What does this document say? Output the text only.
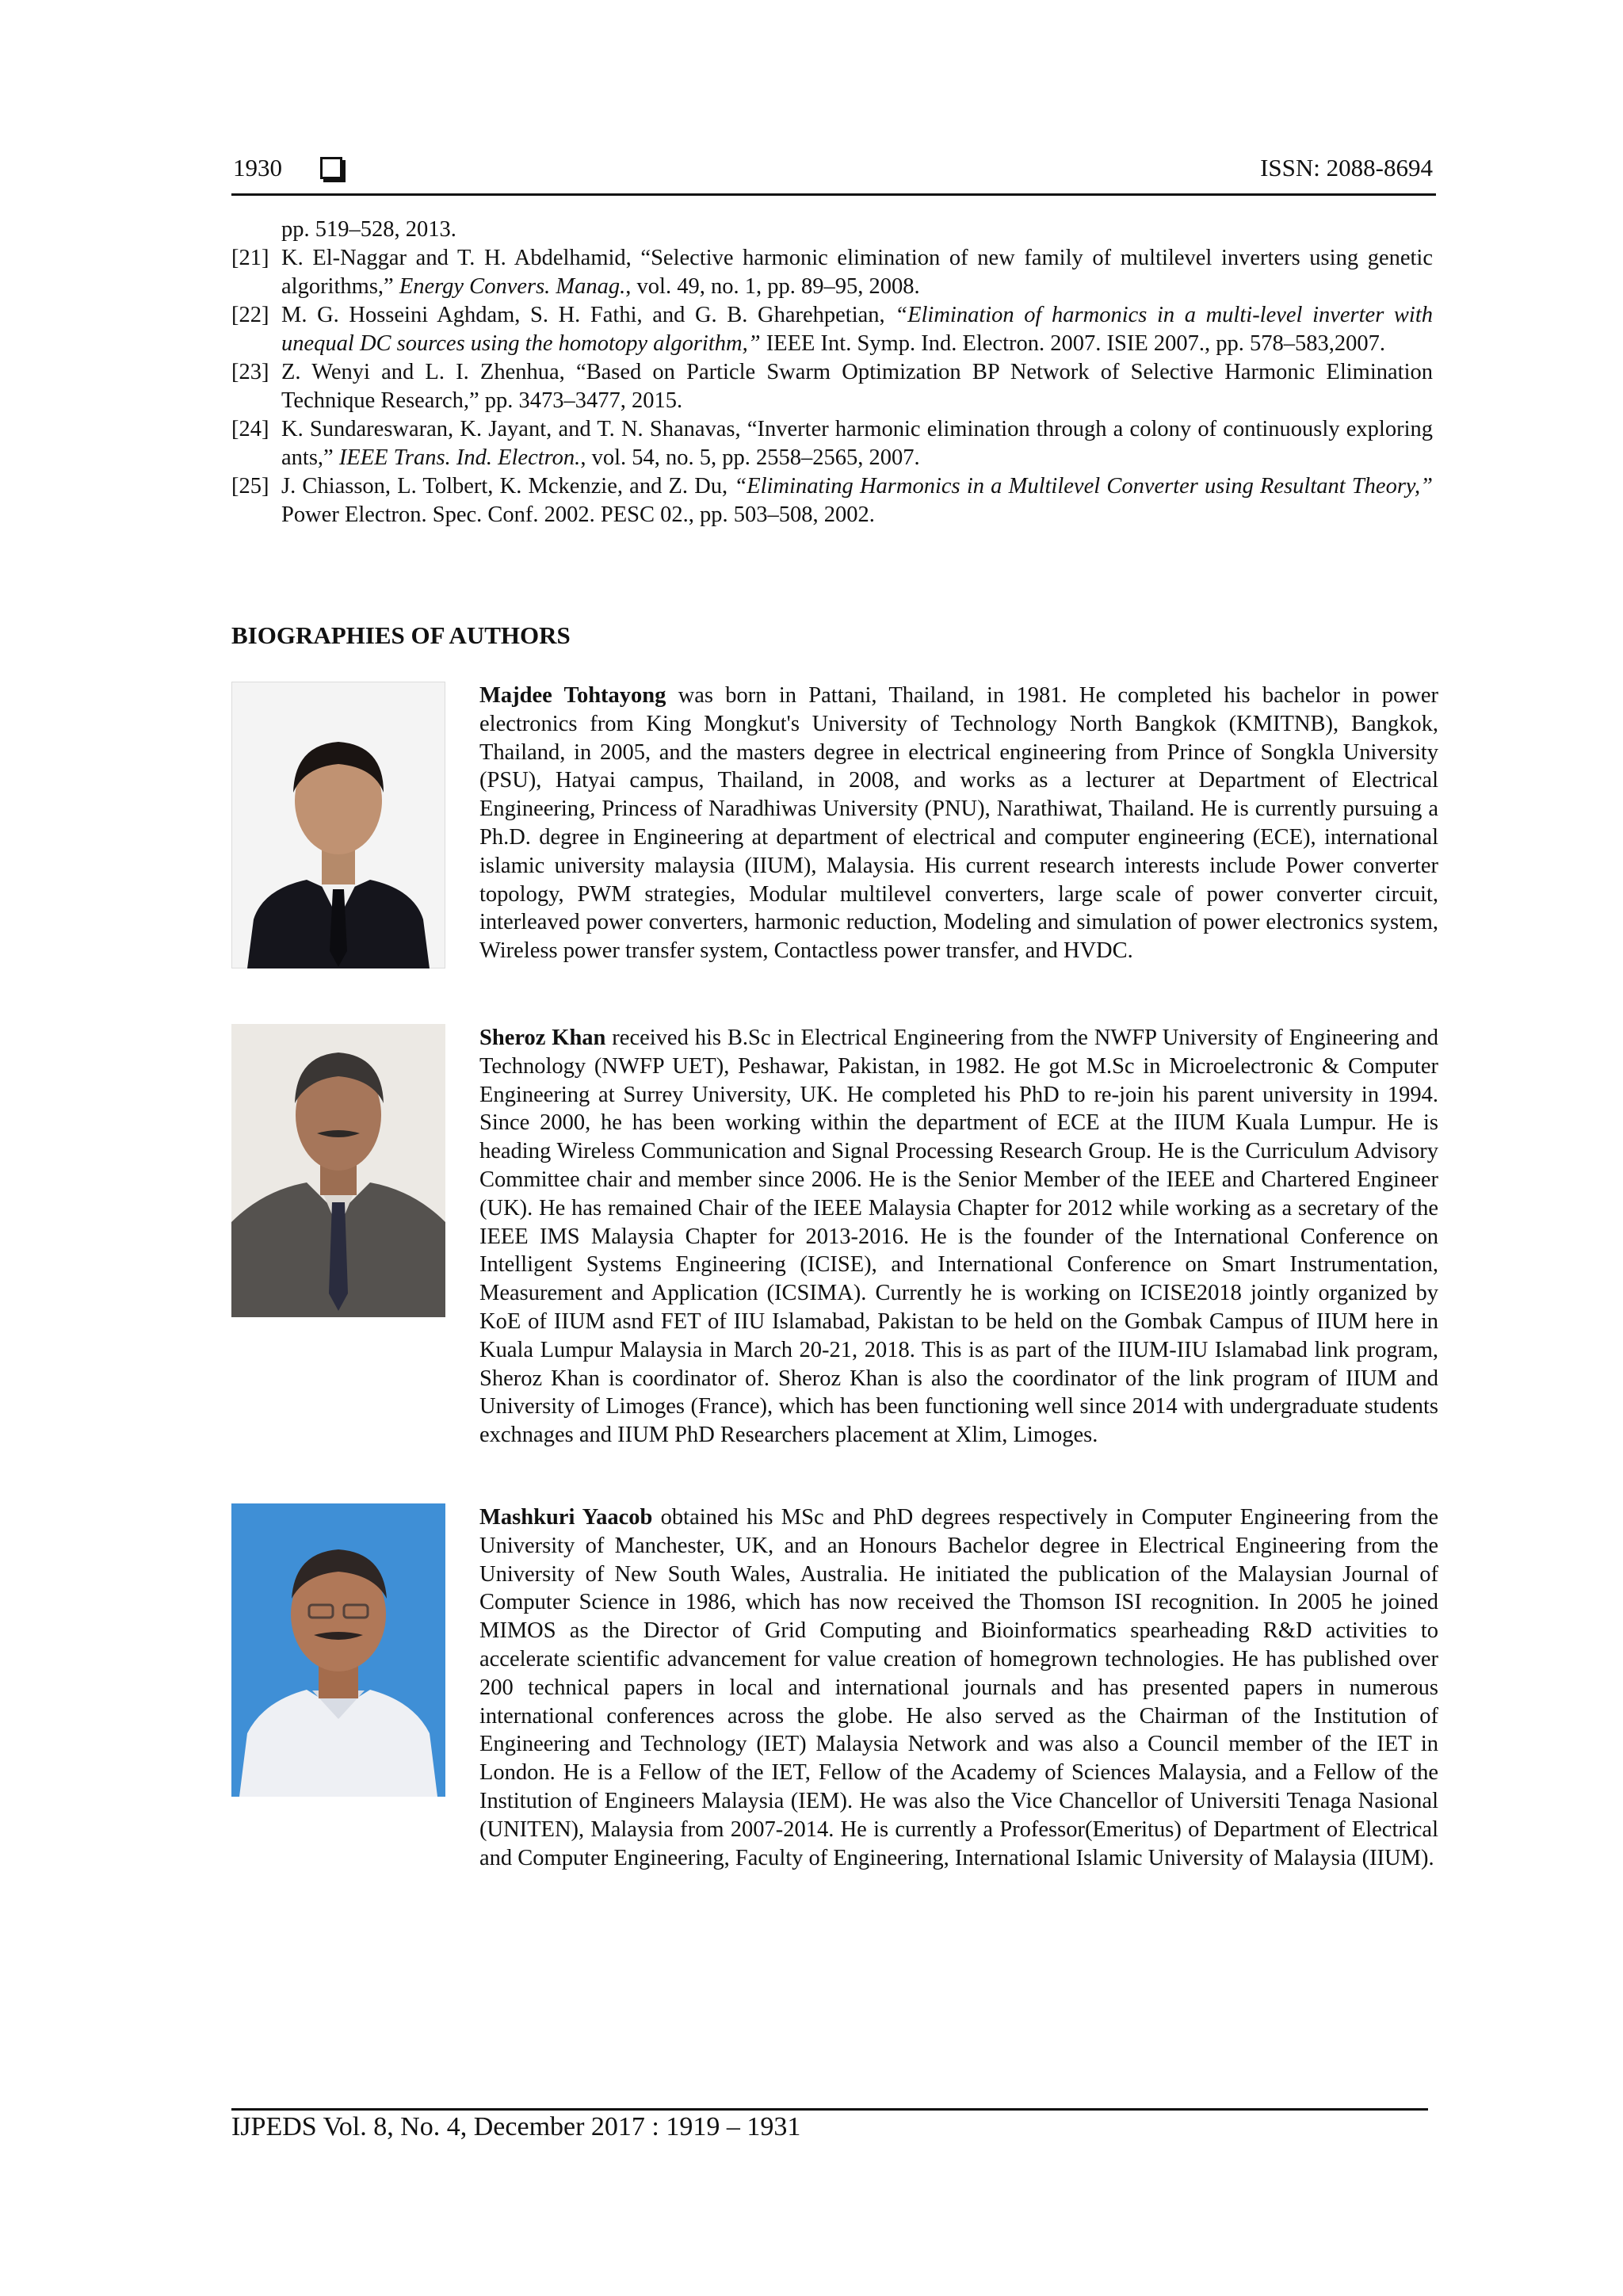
1930	ISSN: 2088-8694
pp. 519–528, 2013.
[21] K. El-Naggar and T. H. Abdelhamid, “Selective harmonic elimination of new family of multilevel inverters using genetic algorithms,” Energy Convers. Manag., vol. 49, no. 1, pp. 89–95, 2008.
[22] M. G. Hosseini Aghdam, S. H. Fathi, and G. B. Gharehpetian, “Elimination of harmonics in a multi-level inverter with unequal DC sources using the homotopy algorithm,” IEEE Int. Symp. Ind. Electron. 2007. ISIE 2007., pp. 578–583,2007.
[23] Z. Wenyi and L. I. Zhenhua, “Based on Particle Swarm Optimization BP Network of Selective Harmonic Elimination Technique Research,” pp. 3473–3477, 2015.
[24] K. Sundareswaran, K. Jayant, and T. N. Shanavas, “Inverter harmonic elimination through a colony of continuously exploring ants,” IEEE Trans. Ind. Electron., vol. 54, no. 5, pp. 2558–2565, 2007.
[25] J. Chiasson, L. Tolbert, K. Mckenzie, and Z. Du, “Eliminating Harmonics in a Multilevel Converter using Resultant Theory,” Power Electron. Spec. Conf. 2002. PESC 02., pp. 503–508, 2002.
BIOGRAPHIES OF AUTHORS
Majdee Tohtayong was born in Pattani, Thailand, in 1981. He completed his bachelor in power electronics from King Mongkut's University of Technology North Bangkok (KMITNB), Bangkok, Thailand, in 2005, and the masters degree in electrical engineering from Prince of Songkla University (PSU), Hatyai campus, Thailand, in 2008, and works as a lecturer at Department of Electrical Engineering, Princess of Naradhiwas University (PNU), Narathiwat, Thailand. He is currently pursuing a Ph.D. degree in Engineering at department of electrical and computer engineering (ECE), international islamic university malaysia (IIUM), Malaysia. His current research interests include Power converter topology, PWM strategies, Modular multilevel converters, large scale of power converter circuit, interleaved power converters, harmonic reduction, Modeling and simulation of power electronics system, Wireless power transfer system, Contactless power transfer, and HVDC.
Sheroz Khan received his B.Sc in Electrical Engineering from the NWFP University of Engineering and Technology (NWFP UET), Peshawar, Pakistan, in 1982. He got M.Sc in Microelectronic & Computer Engineering at Surrey University, UK. He completed his PhD to re-join his parent university in 1994. Since 2000, he has been working within the department of ECE at the IIUM Kuala Lumpur. He is heading Wireless Communication and Signal Processing Research Group. He is the Curriculum Advisory Committee chair and member since 2006. He is the Senior Member of the IEEE and Chartered Engineer (UK). He has remained Chair of the IEEE Malaysia Chapter for 2012 while working as a secretary of the IEEE IMS Malaysia Chapter for 2013-2016. He is the founder of the International Conference on Intelligent Systems Engineering (ICISE), and International Conference on Smart Instrumentation, Measurement and Application (ICSIMA). Currently he is working on ICISE2018 jointly organized by KoE of IIUM asnd FET of IIU Islamabad, Pakistan to be held on the Gombak Campus of IIUM here in Kuala Lumpur Malaysia in March 20-21, 2018. This is as part of the IIUM-IIU Islamabad link program, Sheroz Khan is coordinator of. Sheroz Khan is also the coordinator of the link program of IIUM and University of Limoges (France), which has been functioning well since 2014 with undergraduate students exchnages and IIUM PhD Researchers placement at Xlim, Limoges.
Mashkuri Yaacob obtained his MSc and PhD degrees respectively in Computer Engineering from the University of Manchester, UK, and an Honours Bachelor degree in Electrical Engineering from the University of New South Wales, Australia. He initiated the publication of the Malaysian Journal of Computer Science in 1986, which has now received the Thomson ISI recognition. In 2005 he joined MIMOS as the Director of Grid Computing and Bioinformatics spearheading R&D activities to accelerate scientific advancement for value creation of homegrown technologies. He has published over 200 technical papers in local and international journals and has presented papers in numerous international conferences across the globe. He also served as the Chairman of the Institution of Engineering and Technology (IET) Malaysia Network and was also a Council member of the IET in London. He is a Fellow of the IET, Fellow of the Academy of Sciences Malaysia, and a Fellow of the Institution of Engineers Malaysia (IEM). He was also the Vice Chancellor of Universiti Tenaga Nasional (UNITEN), Malaysia from 2007-2014. He is currently a Professor(Emeritus) of Department of Electrical and Computer Engineering, Faculty of Engineering, International Islamic University of Malaysia (IIUM).
IJPEDS Vol. 8, No. 4, December 2017 : 1919 – 1931
